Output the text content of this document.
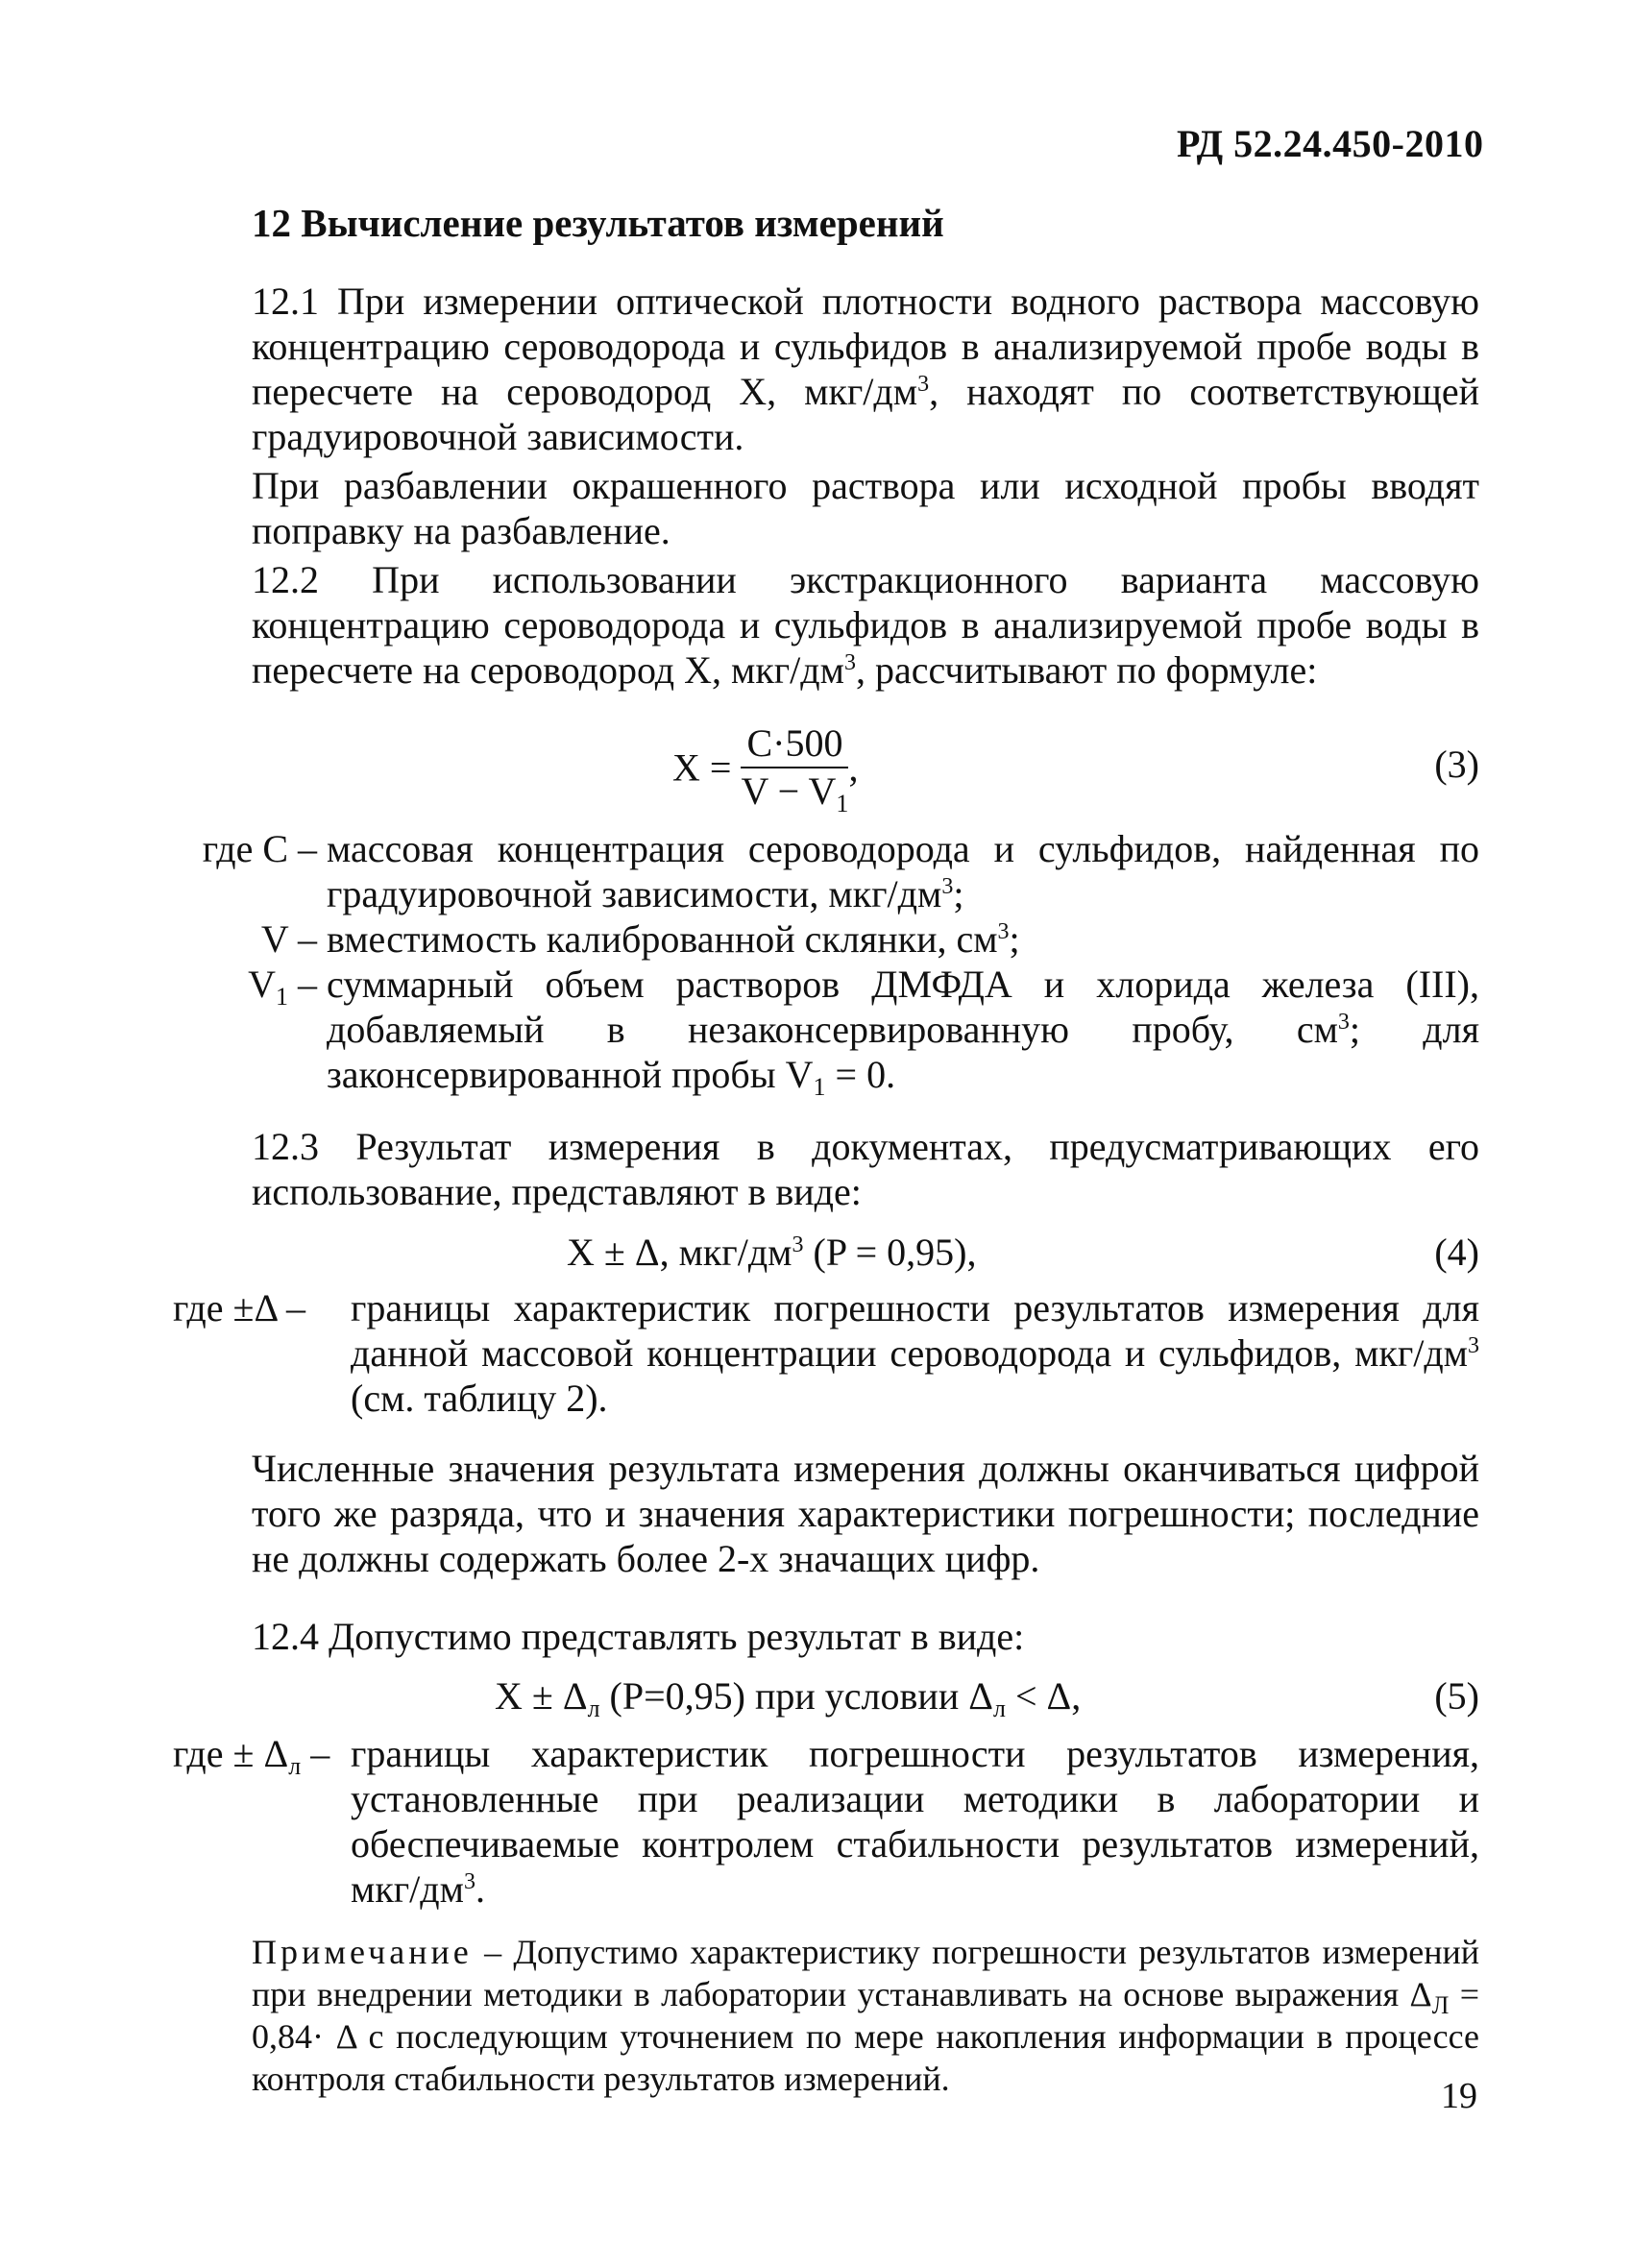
РД 52.24.450-2010
12 Вычисление результатов измерений
12.1 При измерении оптической плотности водного раствора массовую концентрацию сероводорода и сульфидов в анализируемой пробе воды в пересчете на сероводород X, мкг/$дм^3$, находят по соответствующей градуировочной зависимости.
При разбавлении окрашенного раствора или исходной пробы вводят поправку на разбавление.
12.2 При использовании экстракционного варианта массовую концентрацию сероводорода и сульфидов в анализируемой пробе воды в пересчете на сероводород X, мкг/$дм^3$, рассчитывают по формуле:
$X = \frac{C\cdot 500}{V - V_1}$ ,	(3)
где C – массовая концентрация сероводорода и сульфидов, найденная по градуировочной зависимости, мкг/$дм^3$;
V – вместимость калиброванной склянки, $см^3$;
$V_1$ – суммарный объем растворов ДМФДА и хлорида железа (III), добавляемый в незаконсервированную пробу, $см^3$; для законсервированной пробы $V_1 = 0$.
12.3 Результат измерения в документах, предусматривающих его использование, представляют в виде:
X ± Δ, мкг/$дм^3$ (P = 0,95),	(4)
где ±Δ –	границы характеристик погрешности результатов измерения для данной массовой концентрации сероводорода и сульфидов, мкг/$дм^3$ (см. таблицу 2).
Численные значения результата измерения должны оканчиваться цифрой того же разряда, что и значения характеристики погрешности; последние не должны содержать более 2-х значащих цифр.
12.4 Допустимо представлять результат в виде:
$X \pm \Delta_л$ (P=0,95) при условии $\Delta_л < \Delta$,	(5)
где ± $\Delta_л$ – границы характеристик погрешности результатов измерения, установленные при реализации методики в лаборатории и обеспечиваемые контролем стабильности результатов измерений, мкг/$дм^3$.
Примечание – Допустимо характеристику погрешности результатов измерений при внедрении методики в лаборатории устанавливать на основе выражения $\Delta_Л = 0,84\cdot \Delta$ с последующим уточнением по мере накопления информации в процессе контроля стабильности результатов измерений.	19
